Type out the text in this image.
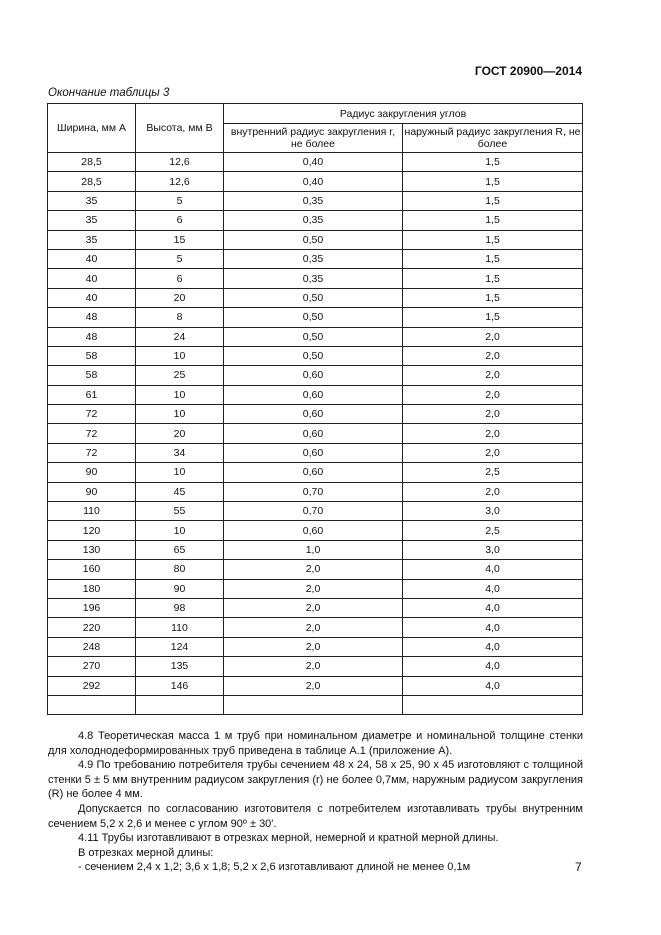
ГОСТ 20900—2014
Окончание таблицы 3
Ширина, мм А	Высота, мм В	Радиус закругления углов	
		внутренний радиус закругления r, не более	наружный радиус закругления R, не более
28,5	12,6	0,40	1,5
28,5	12,6	0,40	1,5
35	5	0,35	1,5
35	6	0,35	1,5
35	15	0,50	1,5
40	5	0,35	1,5
40	6	0,35	1,5
40	20	0,50	1,5
48	8	0,50	1,5
48	24	0,50	2,0
58	10	0,50	2,0
58	25	0,60	2,0
61	10	0,60	2,0
72	10	0,60	2,0
72	20	0,60	2,0
72	34	0,60	2,0
90	10	0,60	2,5
90	45	0,70	2,0
110	55	0,70	3,0
120	10	0,60	2,5
130	65	1,0	3,0
160	80	2,0	4,0
180	90	2,0	4,0
196	98	2,0	4,0
220	110	2,0	4,0
248	124	2,0	4,0
270	135	2,0	4,0
292	146	2,0	4,0

4.8 Теоретическая масса 1 м труб при номинальном диаметре и номинальной толщине стенки для холоднодеформированных труб приведена в таблице А.1 (приложение А).

4.9 По требованию потребителя трубы сечением 48 х 24, 58 х 25, 90 х 45 изготовляют с толщиной стенки 5 ± 5 мм внутренним радиусом закругления (r) не более 0,7мм, наружным радиусом закругления (R) не более 4 мм.

Допускается по согласованию изготовителя с потребителем изготавливать трубы внутренним сечением 5,2 х 2,6 и менее с углом 90º ± 30'.

4.11 Трубы изготавливают в отрезках мерной, немерной и кратной мерной длины.

В отрезках мерной длины:

- сечением 2,4 х 1,2; 3,6 х 1,8; 5,2 х 2,6 изготавливают длиной не менее 0,1м	7
